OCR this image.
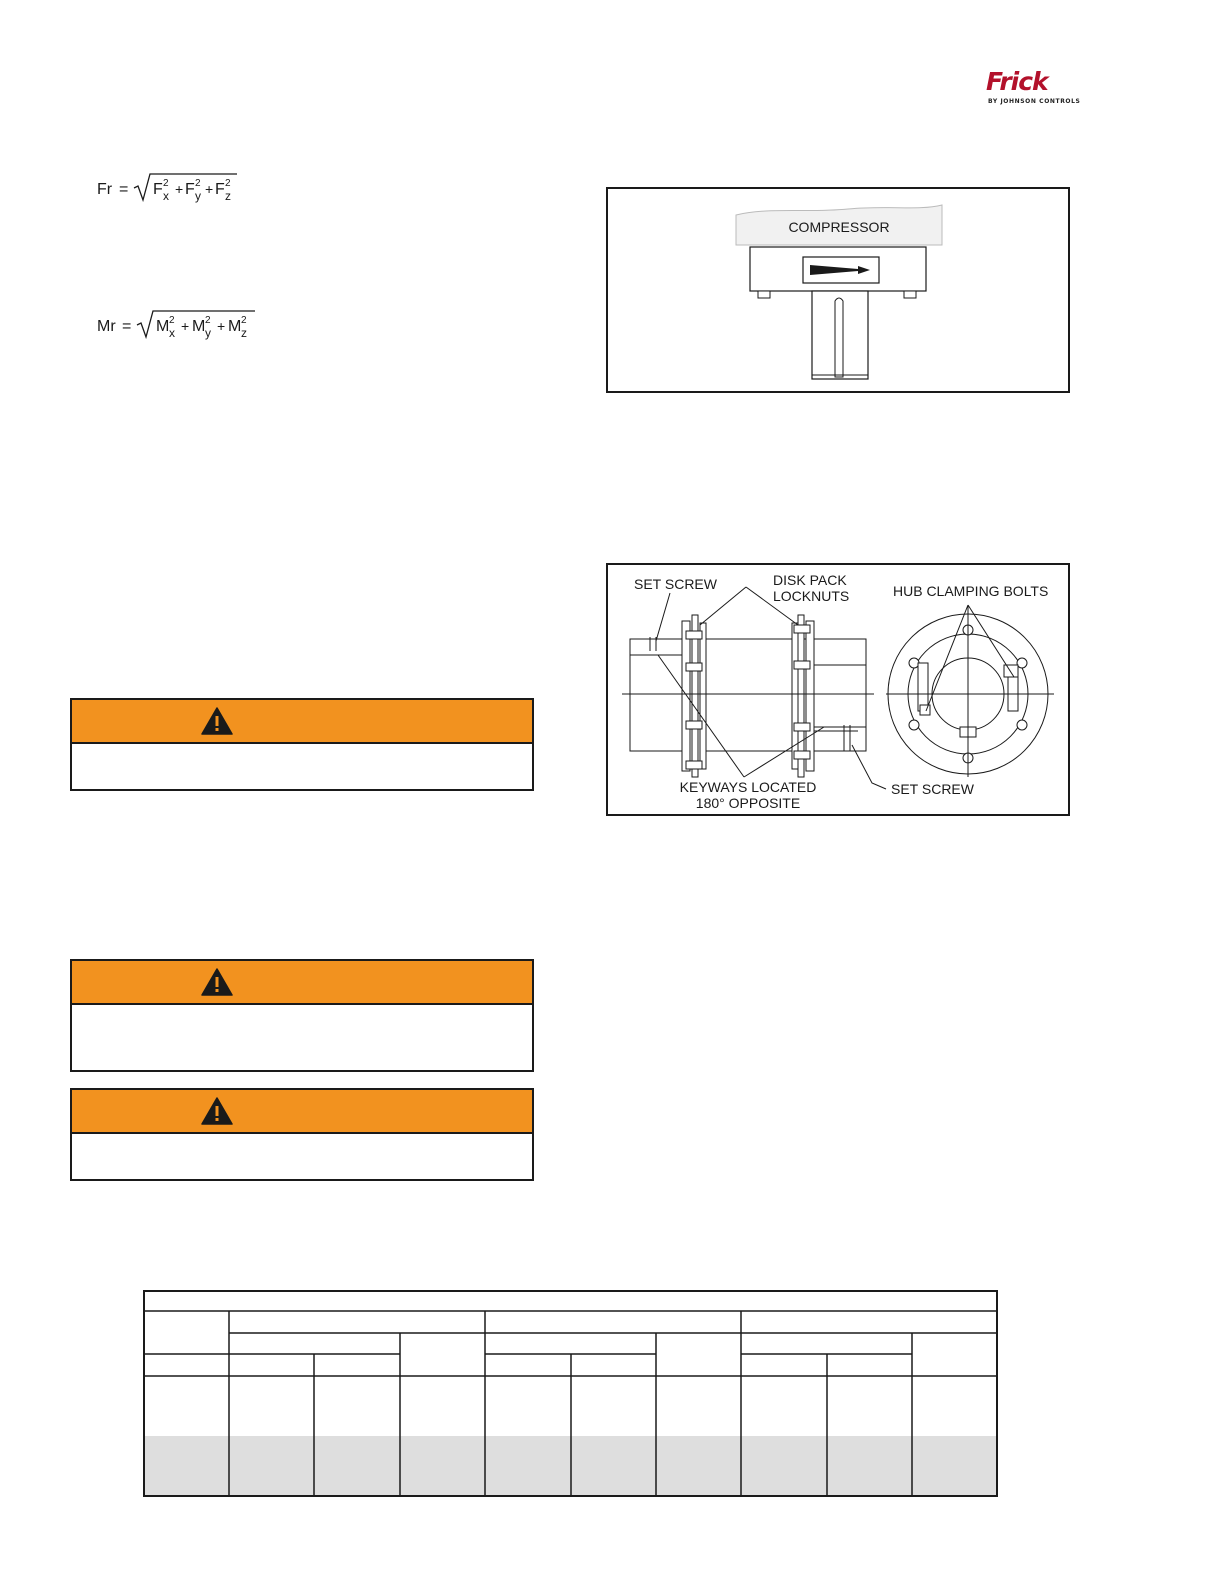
Frick
BY JOHNSON CONTROLS
Fr = F 2
x + F 2
y + F 2
z
Mr = M 2
x + M 2
y + M 2
z
COMPRESSOR
SET SCREW	DISK PACK
LOCKNUTS	HUB CLAMPING BOLTS
KEYWAYS LOCATED
180° OPPOSITE
SET SCREW
